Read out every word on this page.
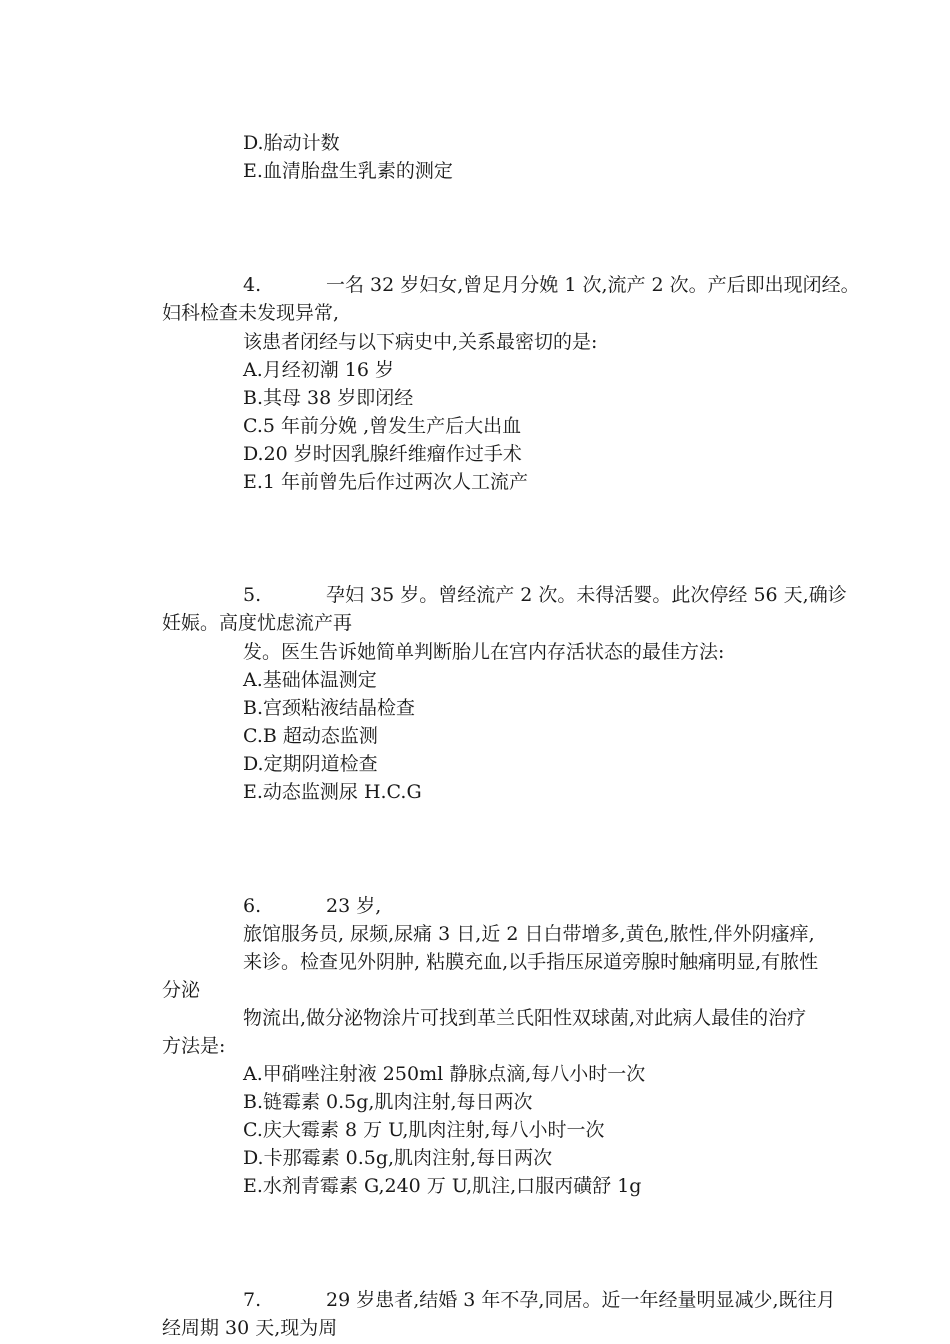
D.胎动计数
E.血清胎盘生乳素的测定
4.	一名 32 岁妇女,曾足月分娩 1 次,流产 2 次。产后即出现闭经。
妇科检查未发现异常,
该患者闭经与以下病史中,关系最密切的是:
A.月经初潮 16 岁
B.其母 38 岁即闭经
C.5 年前分娩 ,曾发生产后大出血
D.20 岁时因乳腺纤维瘤作过手术
E.1 年前曾先后作过两次人工流产
5.	孕妇 35 岁。曾经流产 2 次。未得活婴。此次停经 56 天,确诊
妊娠。高度忧虑流产再
发。医生告诉她简单判断胎儿在宫内存活状态的最佳方法:
A.基础体温测定
B.宫颈粘液结晶检查
C.B 超动态监测
D.定期阴道检查
E.动态监测尿 H.C.G
6.	23 岁,
旅馆服务员, 尿频,尿痛 3 日,近 2 日白带增多,黄色,脓性,伴外阴瘙痒,
来诊。检查见外阴肿, 粘膜充血,以手指压尿道旁腺时触痛明显,有脓性
分泌
物流出,做分泌物涂片可找到革兰氏阳性双球菌,对此病人最佳的治疗
方法是:
A.甲硝唑注射液 250ml 静脉点滴,每八小时一次
B.链霉素 0.5g,肌肉注射,每日两次
C.庆大霉素 8 万 U,肌肉注射,每八小时一次
D.卡那霉素 0.5g,肌肉注射,每日两次
E.水剂青霉素 G,240 万 U,肌注,口服丙磺舒 1g
7.	29 岁患者,结婚 3 年不孕,同居。近一年经量明显减少,既往月
经周期 30 天,现为周
